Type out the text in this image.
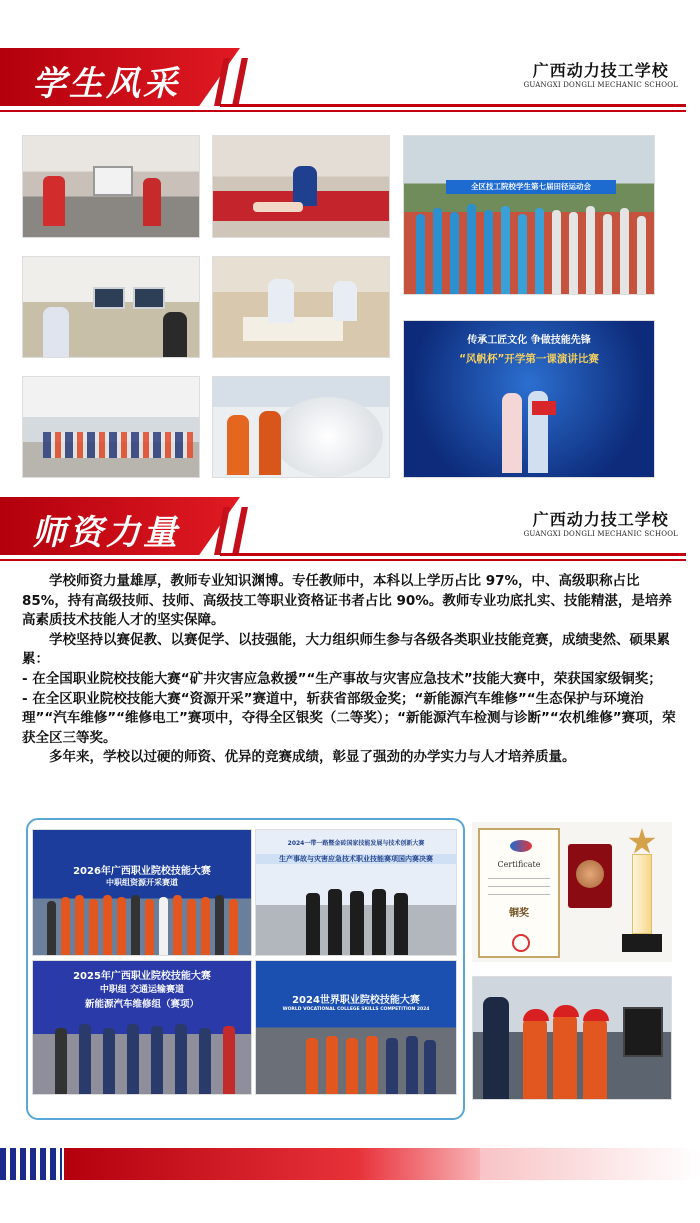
学生风采	广西动力技工学校
GUANGXI DONGLI MECHANIC SCHOOL
全区技工院校学生第七届田径运动会
传承工匠文化 争做技能先锋
“风帆杯”开学第一课演讲比赛
师资力量	广西动力技工学校
GUANGXI DONGLI MECHANIC SCHOOL

学校师资力量雄厚，教师专业知识渊博。专任教师中，本科以上学历占比 97%，中、高级职称占比 85%，持有高级技师、技师、高级技工等职业资格证书者占比 90%。教师专业功底扎实、技能精湛，是培养高素质技术技能人才的坚实保障。

学校坚持以赛促教、以赛促学、以技强能，大力组织师生参与各级各类职业技能竞赛，成绩斐然、硕果累累：

- 在全国职业院校技能大赛“矿井灾害应急救援”“生产事故与灾害应急技术”技能大赛中，荣获国家级铜奖；

- 在全区职业院校技能大赛“资源开采”赛道中，斩获省部级金奖；“新能源汽车维修”“生态保护与环境治理”“汽车维修”“维修电工”赛项中，夺得全区银奖（二等奖）；“新能源汽车检测与诊断”“农机维修”赛项，荣获全区三等奖。

多年来，学校以过硬的师资、优异的竞赛成绩，彰显了强劲的办学实力与人才培养质量。

2026年广西职业院校技能大赛
中职组资源开采赛道
2024一带一路暨金砖国家技能发展与技术创新大赛
生产事故与灾害应急技术职业技能赛项国内赛决赛
2025年广西职业院校技能大赛
中职组 交通运输赛道
新能源汽车维修组（赛项）	2024世界职业院校技能大赛
WORLD VOCATIONAL COLLEGE SKILLS COMPETITION 2024
Certificate
铜奖
